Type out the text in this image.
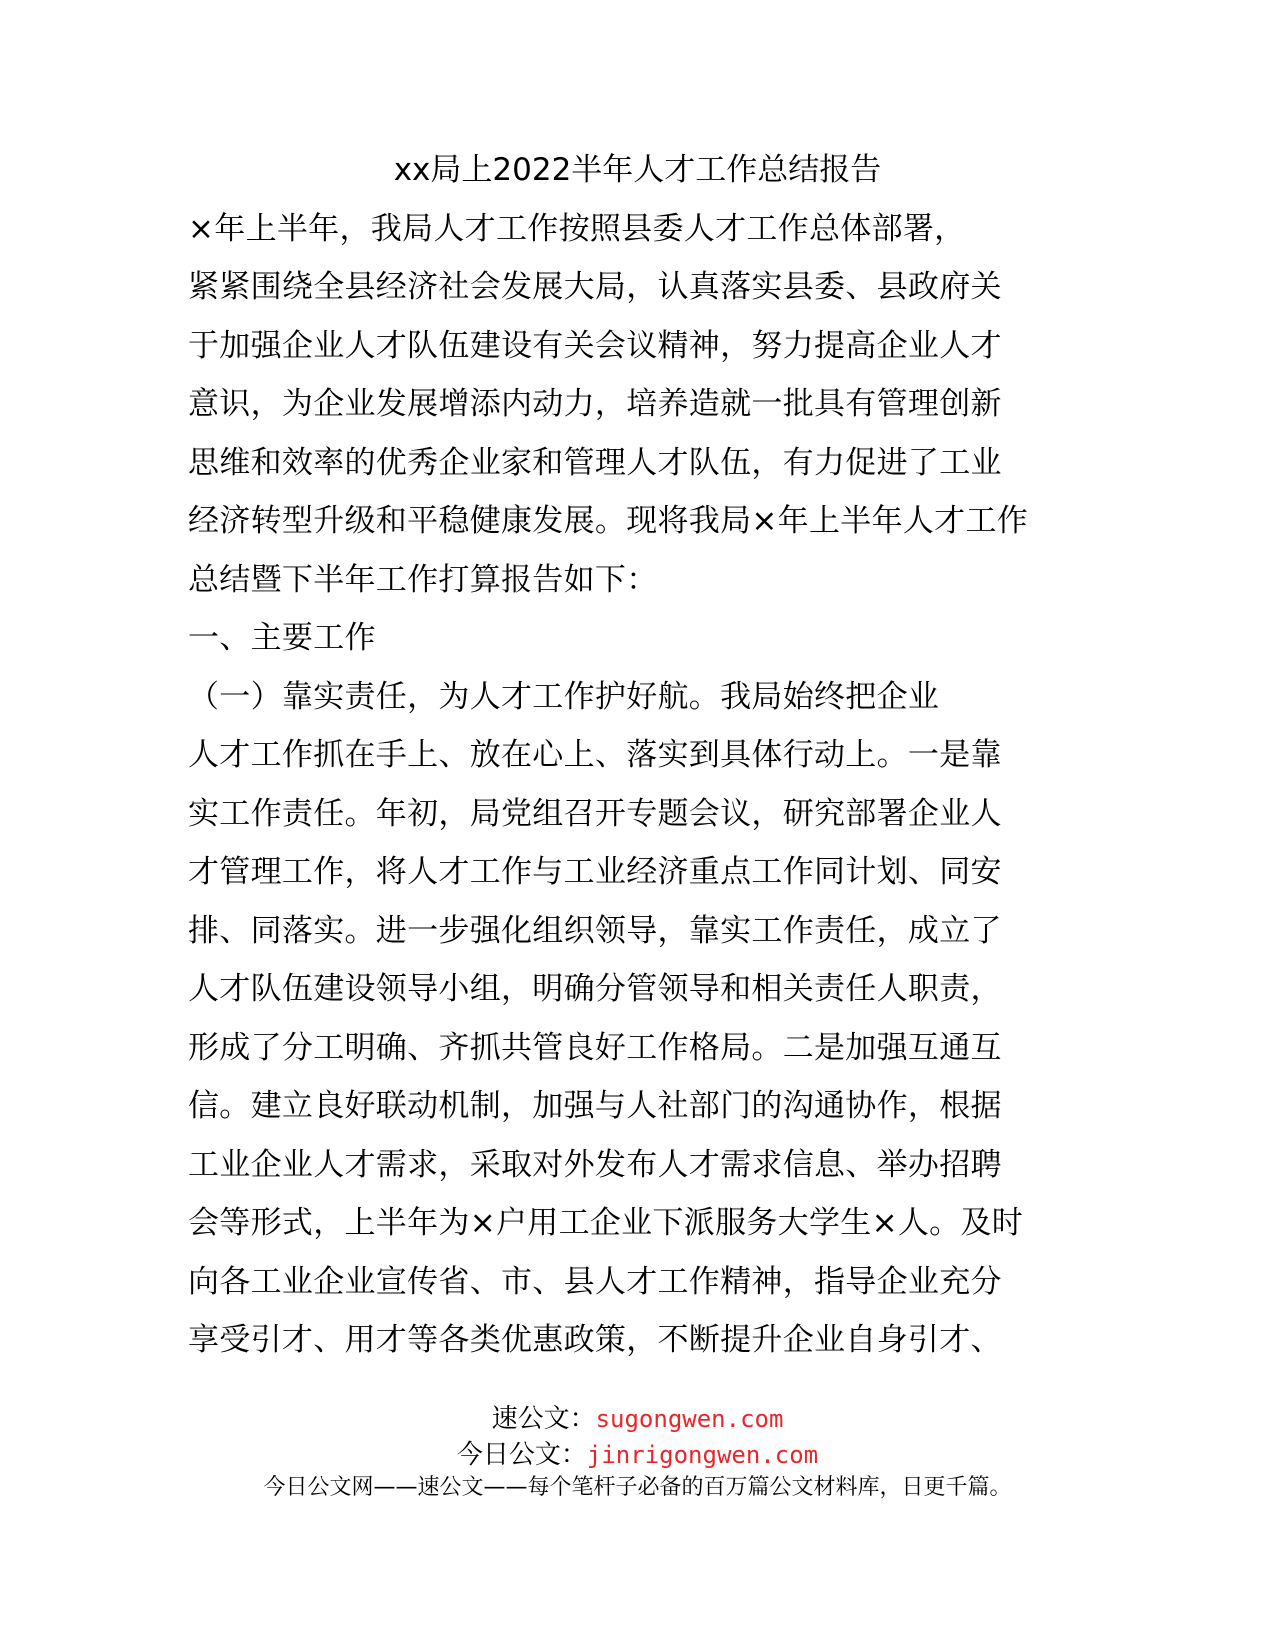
xx局上2022半年人才工作总结报告
×年上半年，我局人才工作按照县委人才工作总体部署，
紧紧围绕全县经济社会发展大局，认真落实县委、县政府关
于加强企业人才队伍建设有关会议精神，努力提高企业人才
意识，为企业发展增添内动力，培养造就一批具有管理创新
思维和效率的优秀企业家和管理人才队伍，有力促进了工业
经济转型升级和平稳健康发展。现将我局×年上半年人才工作
总结暨下半年工作打算报告如下：
一、主要工作
（一）靠实责任，为人才工作护好航。我局始终把企业
人才工作抓在手上、放在心上、落实到具体行动上。一是靠
实工作责任。年初，局党组召开专题会议，研究部署企业人
才管理工作，将人才工作与工业经济重点工作同计划、同安
排、同落实。进一步强化组织领导，靠实工作责任，成立了
人才队伍建设领导小组，明确分管领导和相关责任人职责，
形成了分工明确、齐抓共管良好工作格局。二是加强互通互
信。建立良好联动机制，加强与人社部门的沟通协作，根据
工业企业人才需求，采取对外发布人才需求信息、举办招聘
会等形式，上半年为×户用工企业下派服务大学生×人。及时
向各工业企业宣传省、市、县人才工作精神，指导企业充分
享受引才、用才等各类优惠政策，不断提升企业自身引才、
速公文：sugongwen.com
今日公文：jinrigongwen.com
今日公文网——速公文——每个笔杆子必备的百万篇公文材料库，日更千篇。
